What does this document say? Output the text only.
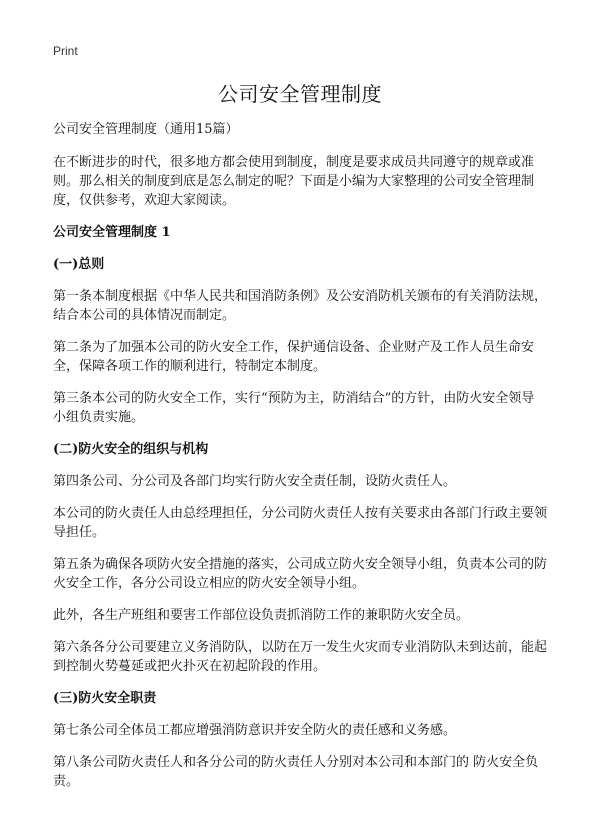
Print
公司安全管理制度

公司安全管理制度（通用15篇）

在不断进步的时代，很多地方都会使用到制度，制度是要求成员共同遵守的规章或准则。那么相关的制度到底是怎么制定的呢？下面是小编为大家整理的公司安全管理制度，仅供参考，欢迎大家阅读。

公司安全管理制度 1

(一)总则

第一条本制度根据《中华人民共和国消防条例》及公安消防机关颁布的有关消防法规，结合本公司的具体情况而制定。

第二条为了加强本公司的防火安全工作，保护通信设备、企业财产及工作人员生命安全，保障各项工作的顺利进行，特制定本制度。

第三条本公司的防火安全工作，实行“预防为主，防消结合”的方针，由防火安全领导小组负责实施。

(二)防火安全的组织与机构

第四条公司、分公司及各部门均实行防火安全责任制，设防火责任人。

本公司的防火责任人由总经理担任，分公司防火责任人按有关要求由各部门行政主要领导担任。

第五条为确保各项防火安全措施的落实，公司成立防火安全领导小组，负责本公司的防火安全工作，各分公司设立相应的防火安全领导小组。

此外，各生产班组和要害工作部位设负责抓消防工作的兼职防火安全员。

第六条各分公司要建立义务消防队，以防在万一发生火灾而专业消防队未到达前，能起到控制火势蔓延或把火扑灭在初起阶段的作用。

(三)防火安全职责

第七条公司全体员工都应增强消防意识并安全防火的责任感和义务感。

第八条公司防火责任人和各分公司的防火责任人分别对本公司和本部门的 防火安全负责。
